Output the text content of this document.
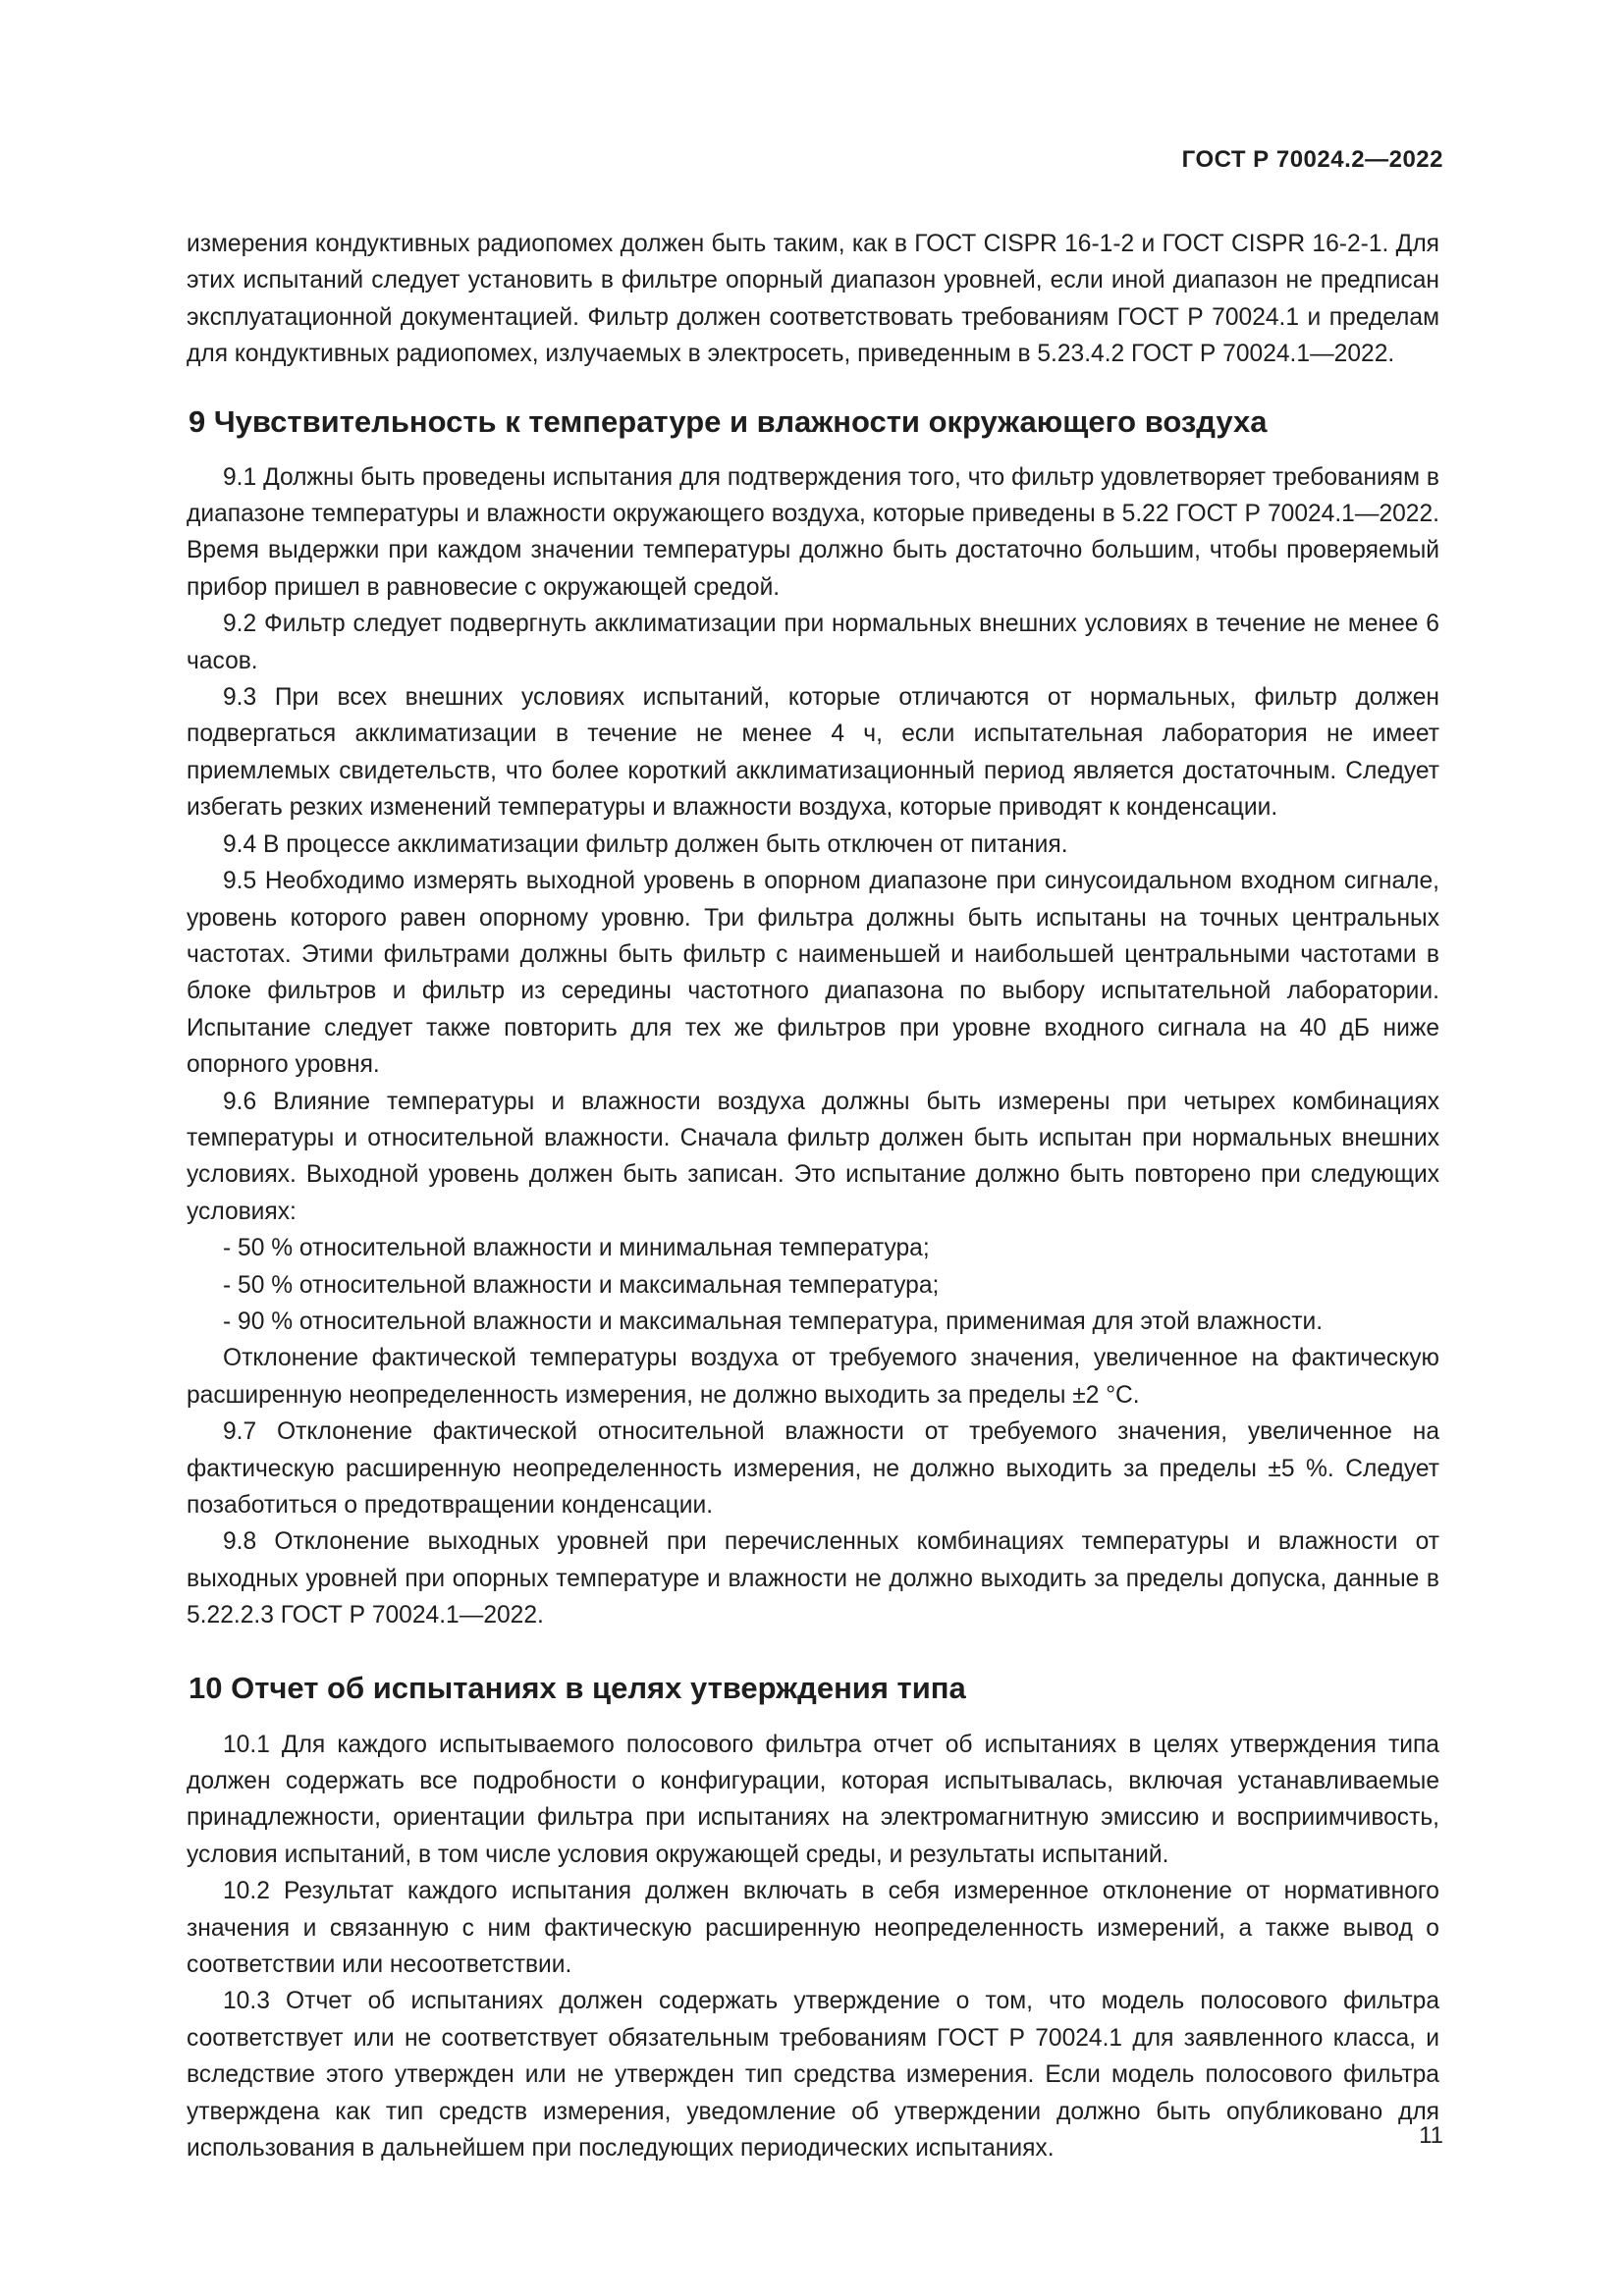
ГОСТ Р 70024.2—2022

измерения кондуктивных радиопомех должен быть таким, как в ГОСТ CISPR 16-1-2 и ГОСТ CISPR 16-2-1. Для этих испытаний следует установить в фильтре опорный диапазон уровней, если иной диапазон не предписан эксплуатационной документацией. Фильтр должен соответствовать требованиям ГОСТ Р 70024.1 и пределам для кондуктивных радиопомех, излучаемых в электросеть, приведенным в 5.23.4.2 ГОСТ Р 70024.1—2022.

9 Чувствительность к температуре и влажности окружающего воздуха

9.1 Должны быть проведены испытания для подтверждения того, что фильтр удовлетворяет требованиям в диапазоне температуры и влажности окружающего воздуха, которые приведены в 5.22 ГОСТ Р 70024.1—2022. Время выдержки при каждом значении температуры должно быть достаточно большим, чтобы проверяемый прибор пришел в равновесие с окружающей средой.

9.2 Фильтр следует подвергнуть акклиматизации при нормальных внешних условиях в течение не менее 6 часов.

9.3 При всех внешних условиях испытаний, которые отличаются от нормальных, фильтр должен подвергаться акклиматизации в течение не менее 4 ч, если испытательная лаборатория не имеет приемлемых свидетельств, что более короткий акклиматизационный период является достаточным. Следует избегать резких изменений температуры и влажности воздуха, которые приводят к конденсации.

9.4 В процессе акклиматизации фильтр должен быть отключен от питания.

9.5 Необходимо измерять выходной уровень в опорном диапазоне при синусоидальном входном сигнале, уровень которого равен опорному уровню. Три фильтра должны быть испытаны на точных центральных частотах. Этими фильтрами должны быть фильтр с наименьшей и наибольшей центральными частотами в блоке фильтров и фильтр из середины частотного диапазона по выбору испытательной лаборатории. Испытание следует также повторить для тех же фильтров при уровне входного сигнала на 40 дБ ниже опорного уровня.

9.6 Влияние температуры и влажности воздуха должны быть измерены при четырех комбинациях температуры и относительной влажности. Сначала фильтр должен быть испытан при нормальных внешних условиях. Выходной уровень должен быть записан. Это испытание должно быть повторено при следующих условиях:

- 50 % относительной влажности и минимальная температура;

- 50 % относительной влажности и максимальная температура;

- 90 % относительной влажности и максимальная температура, применимая для этой влажности.

Отклонение фактической температуры воздуха от требуемого значения, увеличенное на фактическую расширенную неопределенность измерения, не должно выходить за пределы ±2 °С.

9.7 Отклонение фактической относительной влажности от требуемого значения, увеличенное на фактическую расширенную неопределенность измерения, не должно выходить за пределы ±5 %. Следует позаботиться о предотвращении конденсации.

9.8 Отклонение выходных уровней при перечисленных комбинациях температуры и влажности от выходных уровней при опорных температуре и влажности не должно выходить за пределы допуска, данные в 5.22.2.3 ГОСТ Р 70024.1—2022.

10 Отчет об испытаниях в целях утверждения типа

10.1 Для каждого испытываемого полосового фильтра отчет об испытаниях в целях утверждения типа должен содержать все подробности о конфигурации, которая испытывалась, включая устанавливаемые принадлежности, ориентации фильтра при испытаниях на электромагнитную эмиссию и восприимчивость, условия испытаний, в том числе условия окружающей среды, и результаты испытаний.

10.2 Результат каждого испытания должен включать в себя измеренное отклонение от нормативного значения и связанную с ним фактическую расширенную неопределенность измерений, а также вывод о соответствии или несоответствии.

10.3 Отчет об испытаниях должен содержать утверждение о том, что модель полосового фильтра соответствует или не соответствует обязательным требованиям ГОСТ Р 70024.1 для заявленного класса, и вследствие этого утвержден или не утвержден тип средства измерения. Если модель полосового фильтра утверждена как тип средств измерения, уведомление об утверждении должно быть опубликовано для использования в дальнейшем при последующих периодических испытаниях.	11
